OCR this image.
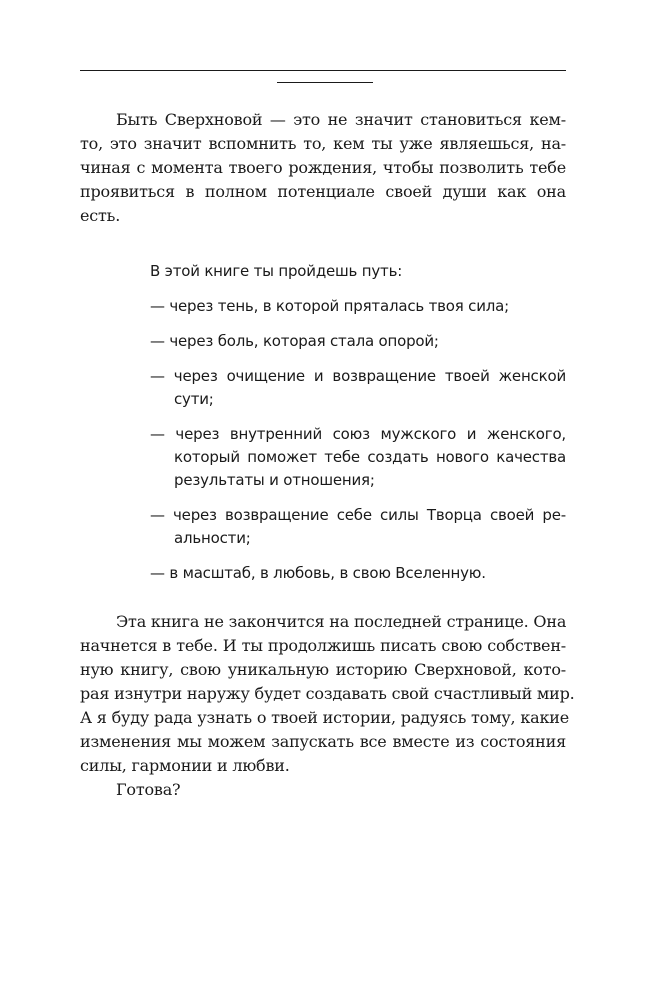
Быть Сверхновой — это не значит становиться кем-
то, это значит вспомнить то, кем ты уже являешься, на-
чиная с момента твоего рождения, чтобы позволить тебе
проявиться в полном потенциале своей души как она
есть.

В этой книге ты пройдешь путь:
— через тень, в которой пряталась твоя сила;
— через боль, которая стала опорой;
— через очищение и возвращение твоей женской
сути;
— через внутренний союз мужского и женского,
который поможет тебе создать нового качества
результаты и отношения;
— через возвращение себе силы Творца своей ре-
альности;
— в масштаб, в любовь, в свою Вселенную.

Эта книга не закончится на последней странице. Она
начнется в тебе. И ты продолжишь писать свою собствен-
ную книгу, свою уникальную историю Сверхновой, кото-
рая изнутри наружу будет создавать свой счастливый мир.
А я буду рада узнать о твоей истории, радуясь тому, какие
изменения мы можем запускать все вместе из состояния
силы, гармонии и любви.
Готова?
